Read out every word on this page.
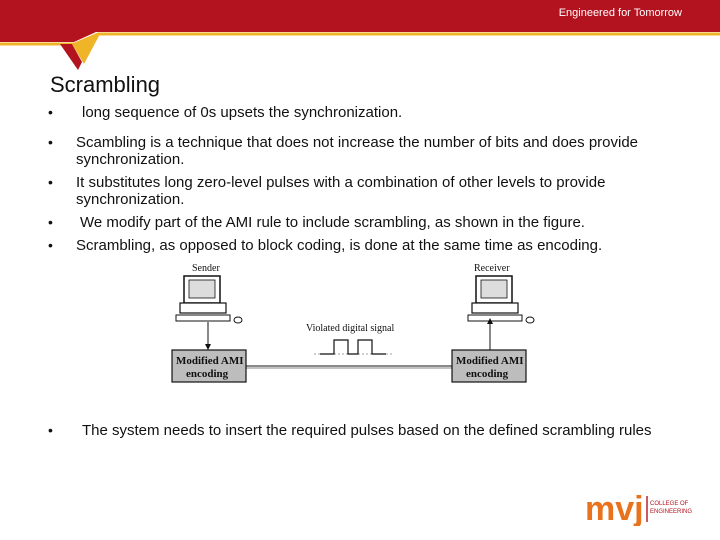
Engineered for Tomorrow
Scrambling
• long sequence of 0s upsets the synchronization.
• Scambling is a technique that does not increase the number of bits and does provide synchronization.
• It substitutes long zero-level pulses with a combination of other levels to provide synchronization.
• We modify part of the AMI rule to include scrambling, as shown in the figure.
• Scrambling, as opposed to block coding, is done at the same time as encoding.
Sender	Receiver
Modified AMI
encoding
Modified AMI
encoding
Violated digital signal
•	The system needs to insert the required pulses based on the defined scrambling rules
mvj COLLEGE OF
ENGINEERING
